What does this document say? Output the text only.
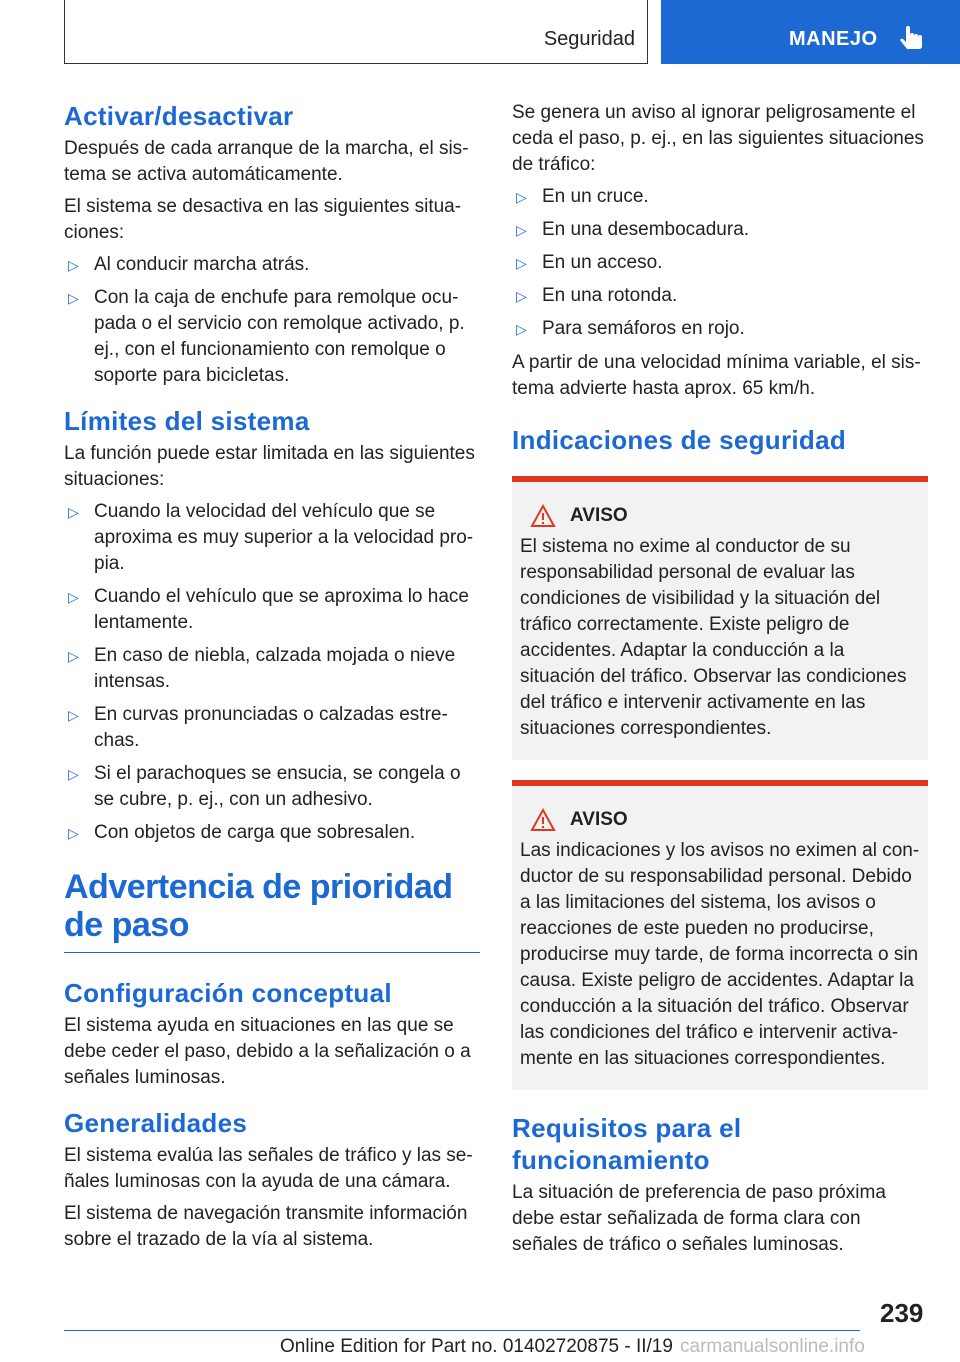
Seguridad	MANEJO
Activar/desactivar

Después de cada arranque de la marcha, el sistema se activa automáticamente.

El sistema se desactiva en las siguientes situaciones:

▷ Al conducir marcha atrás.
▷ Con la caja de enchufe para remolque ocupada o el servicio con remolque activado, p. ej., con el funcionamiento con remolque o soporte para bicicletas.
Límites del sistema

La función puede estar limitada en las siguientes situaciones:

▷ Cuando la velocidad del vehículo que se aproxima es muy superior a la velocidad propia.
▷ Cuando el vehículo que se aproxima lo hace lentamente.
▷ En caso de niebla, calzada mojada o nieve intensas.
▷ En curvas pronunciadas o calzadas estrechas.
▷ Si el parachoques se ensucia, se congela o se cubre, p. ej., con un adhesivo.
▷ Con objetos de carga que sobresalen.
Advertencia de prioridad de paso
Configuración conceptual

El sistema ayuda en situaciones en las que se debe ceder el paso, debido a la señalización o a señales luminosas.

Generalidades

El sistema evalúa las señales de tráfico y las señales luminosas con la ayuda de una cámara.

El sistema de navegación transmite información sobre el trazado de la vía al sistema.

Se genera un aviso al ignorar peligrosamente el ceda el paso, p. ej., en las siguientes situaciones de tráfico:

▷ En un cruce.
▷ En una desembocadura.
▷ En un acceso.
▷ En una rotonda.
▷ Para semáforos en rojo.

A partir de una velocidad mínima variable, el sistema advierte hasta aprox. 65 km/h.

Indicaciones de seguridad
AVISO

El sistema no exime al conductor de su responsabilidad personal de evaluar las condiciones de visibilidad y la situación del tráfico correctamente. Existe peligro de accidentes. Adaptar la conducción a la situación del tráfico. Observar las condiciones del tráfico e intervenir activamente en las situaciones correspondientes.

AVISO

Las indicaciones y los avisos no eximen al conductor de su responsabilidad personal. Debido a las limitaciones del sistema, los avisos o reacciones de este pueden no producirse, producirse muy tarde, de forma incorrecta o sin causa. Existe peligro de accidentes. Adaptar la conducción a la situación del tráfico. Observar las condiciones del tráfico e intervenir activamente en las situaciones correspondientes.

Requisitos para el funcionamiento

La situación de preferencia de paso próxima debe estar señalizada de forma clara con señales de tráfico o señales luminosas.

239
Online Edition for Part no. 01402720875 - II/19 carmanualsonline.info
